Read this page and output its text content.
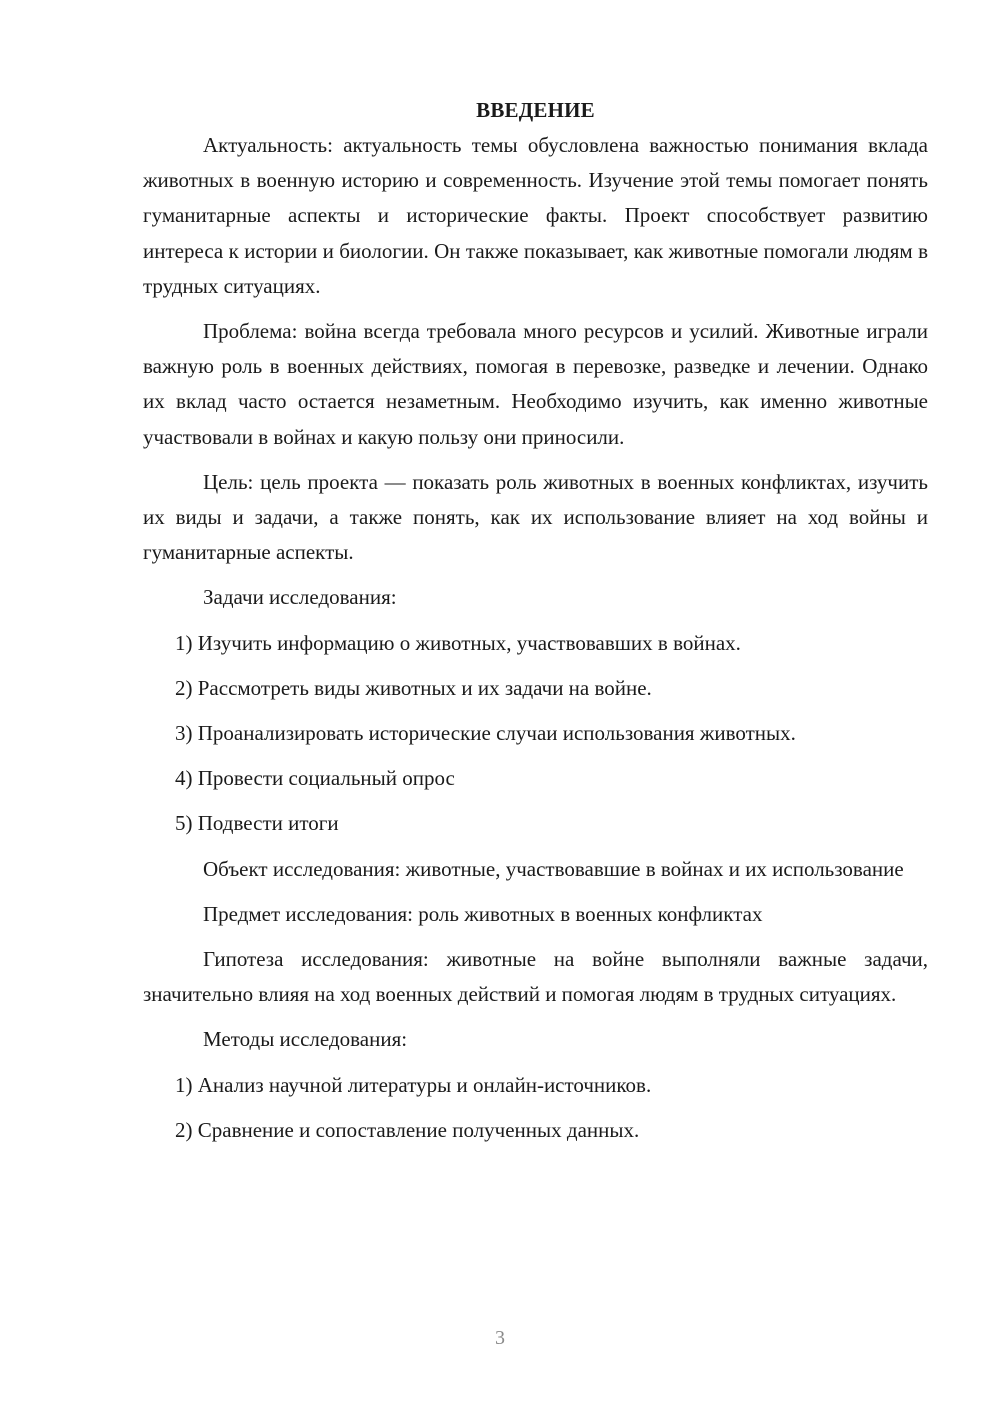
ВВЕДЕНИЕ

Актуальность: актуальность темы обусловлена важностью понимания вклада животных в военную историю и современность. Изучение этой темы помогает понять гуманитарные аспекты и исторические факты. Проект способствует развитию интереса к истории и биологии. Он также показывает, как животные помогали людям в трудных ситуациях.

Проблема: война всегда требовала много ресурсов и усилий. Животные играли важную роль в военных действиях, помогая в перевозке, разведке и лечении. Однако их вклад часто остается незаметным. Необходимо изучить, как именно животные участвовали в войнах и какую пользу они приносили.

Цель: цель проекта — показать роль животных в военных конфликтах, изучить их виды и задачи, а также понять, как их использование влияет на ход войны и гуманитарные аспекты.

Задачи исследования:

1) Изучить информацию о животных, участвовавших в войнах.

2) Рассмотреть виды животных и их задачи на войне.

3) Проанализировать исторические случаи использования животных.

4) Провести социальный опрос

5) Подвести итоги

Объект исследования: животные, участвовавшие в войнах и их использование

Предмет исследования: роль животных в военных конфликтах

Гипотеза исследования: животные на войне выполняли важные задачи, значительно влияя на ход военных действий и помогая людям в трудных ситуациях.

Методы исследования:

1) Анализ научной литературы и онлайн-источников.

2) Сравнение и сопоставление полученных данных.

3
